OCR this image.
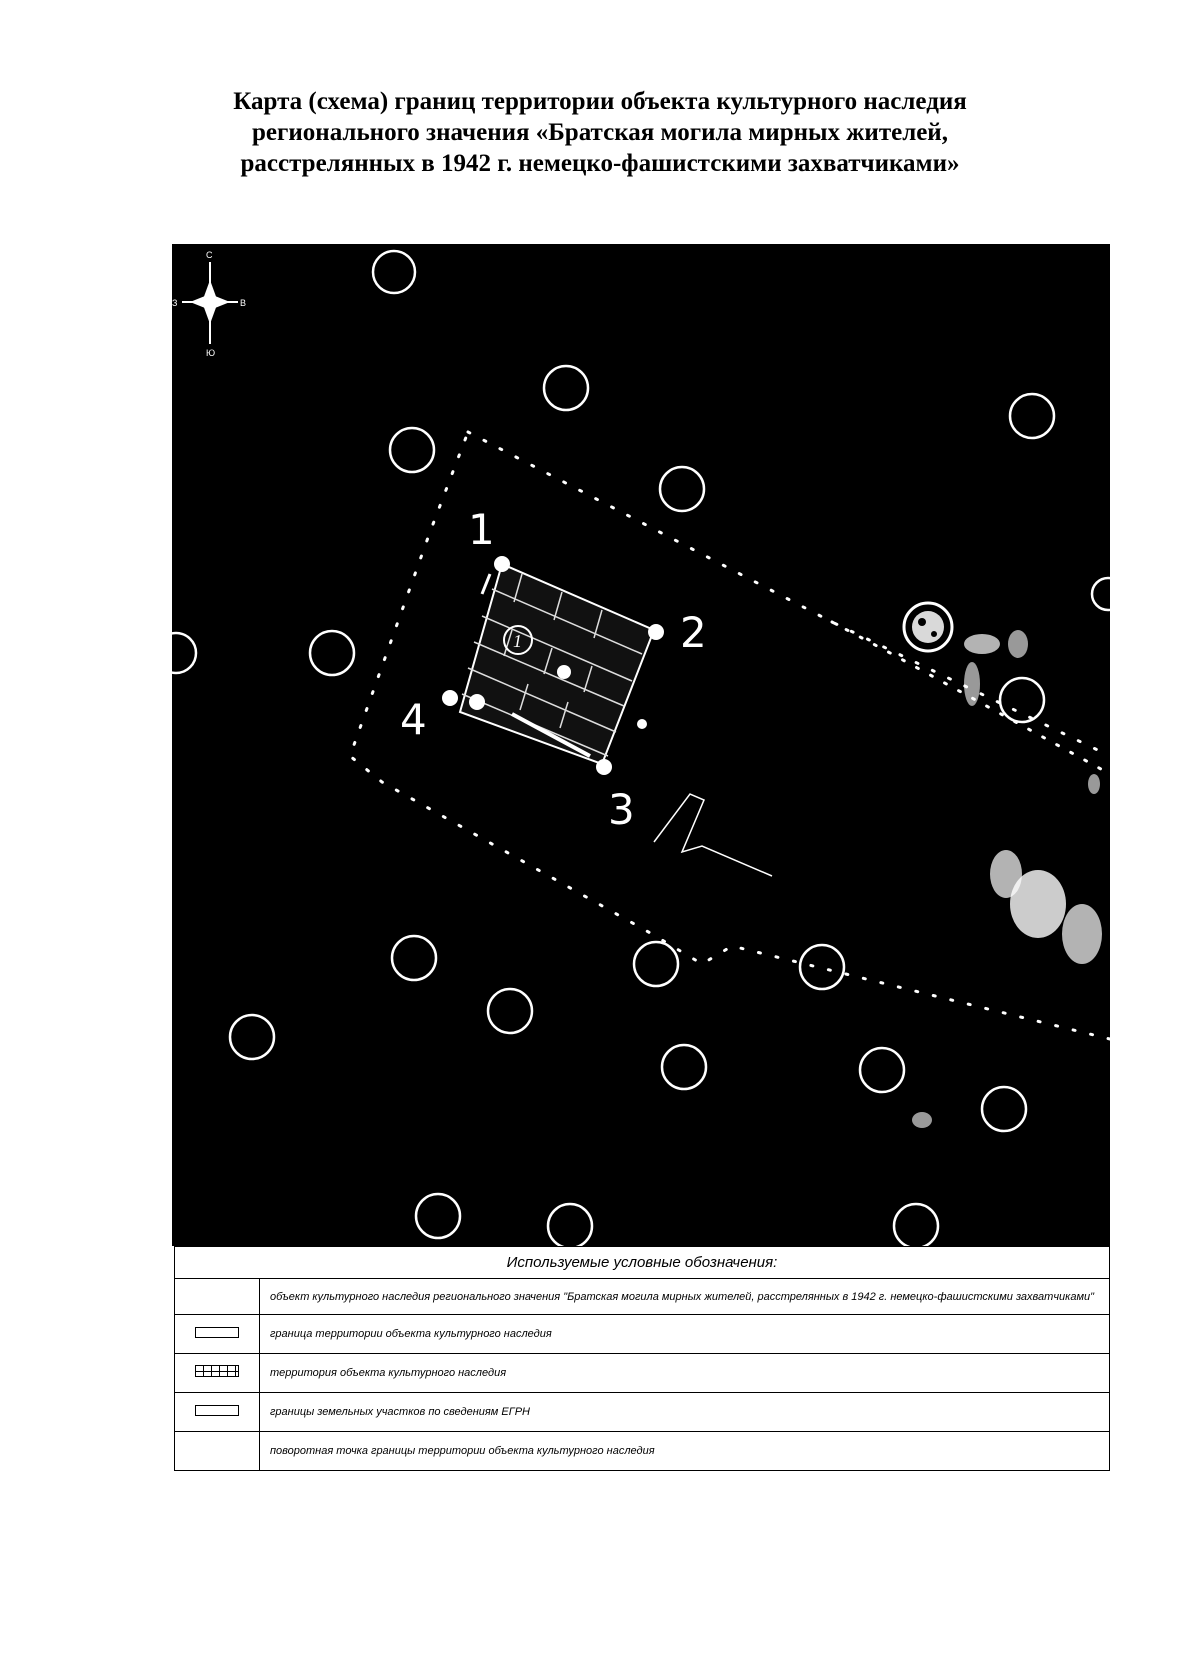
Карта (схема) границ территории объекта культурного наследия
регионального значения «Братская могила мирных жителей,
расстрелянных в 1942 г. немецко-фашистскими захватчиками»
С
Ю
З	В
1
1
2
3
4
Используемые условные обозначения:	
	объект культурного наследия регионального значения "Братская могила мирных жителей, расстрелянных в 1942 г. немецко-фашистскими захватчиками"
	граница территории объекта культурного наследия
	территория объекта культурного наследия
	границы земельных участков по сведениям ЕГРН
	поворотная точка границы территории объекта культурного наследия
